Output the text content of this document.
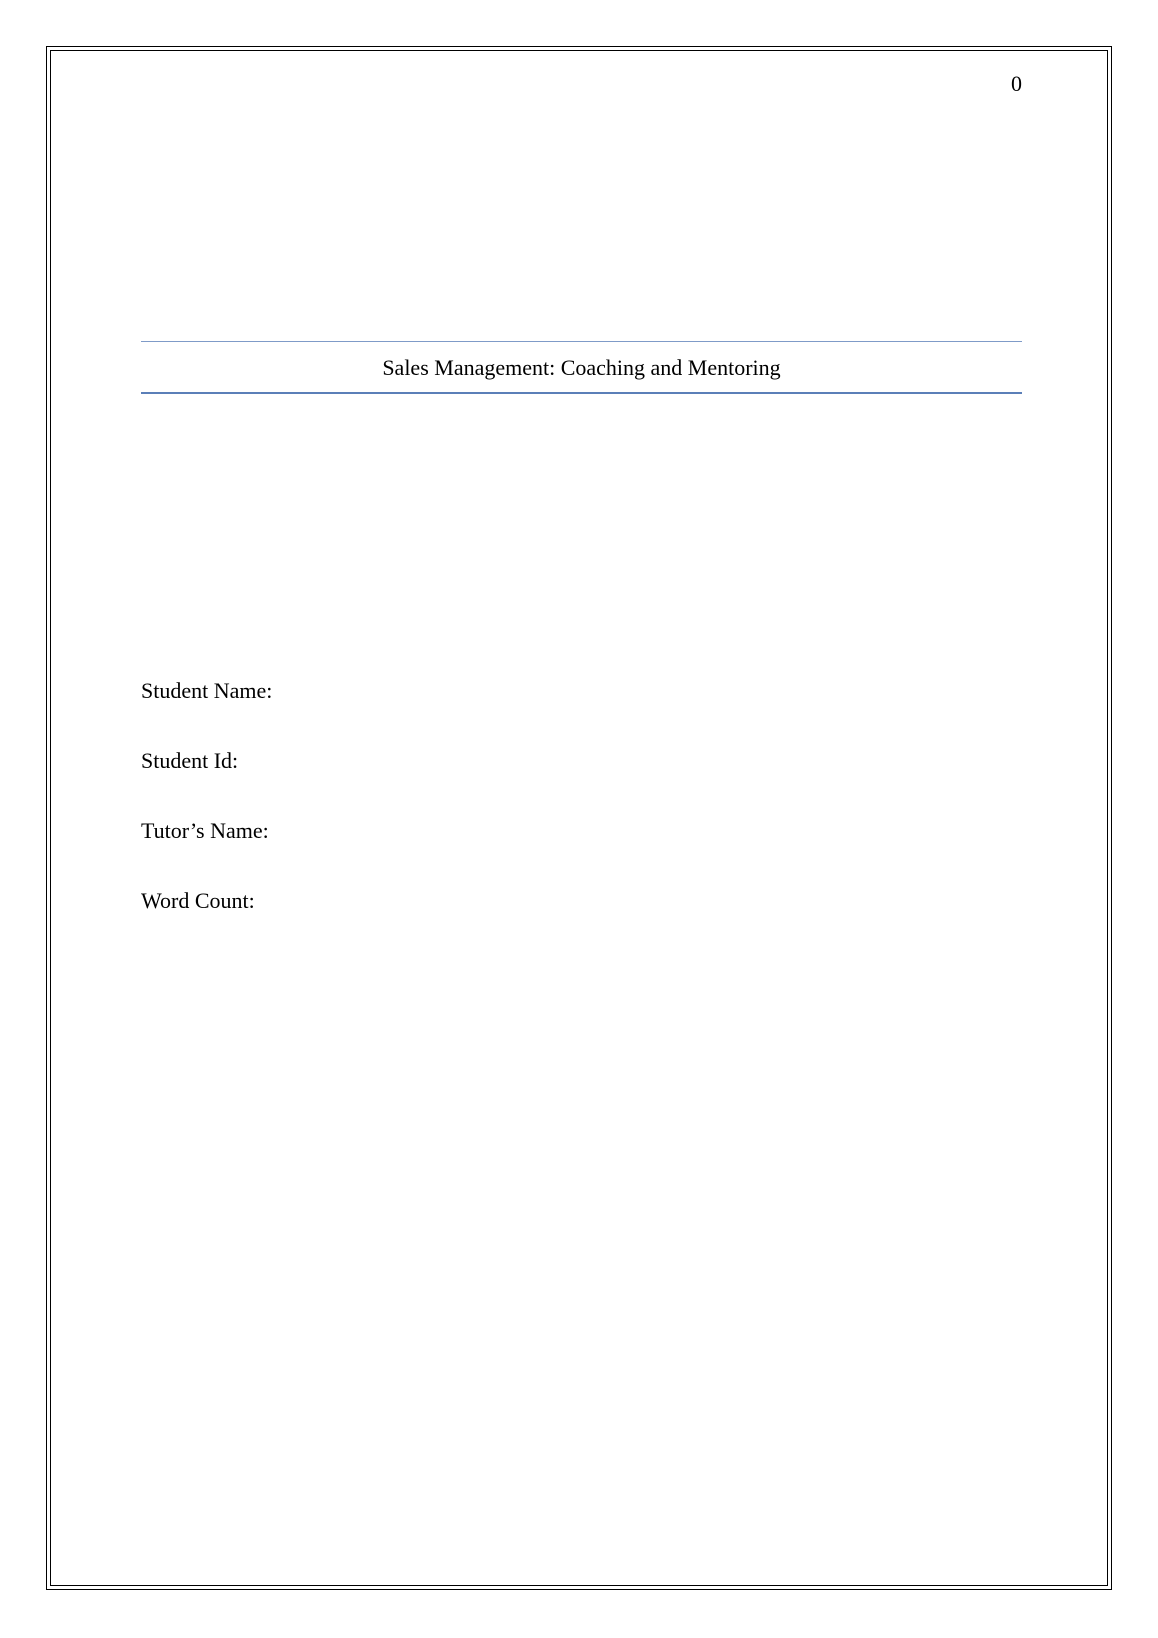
0
Sales Management: Coaching and Mentoring
Student Name:
Student Id:
Tutor’s Name:
Word Count:
